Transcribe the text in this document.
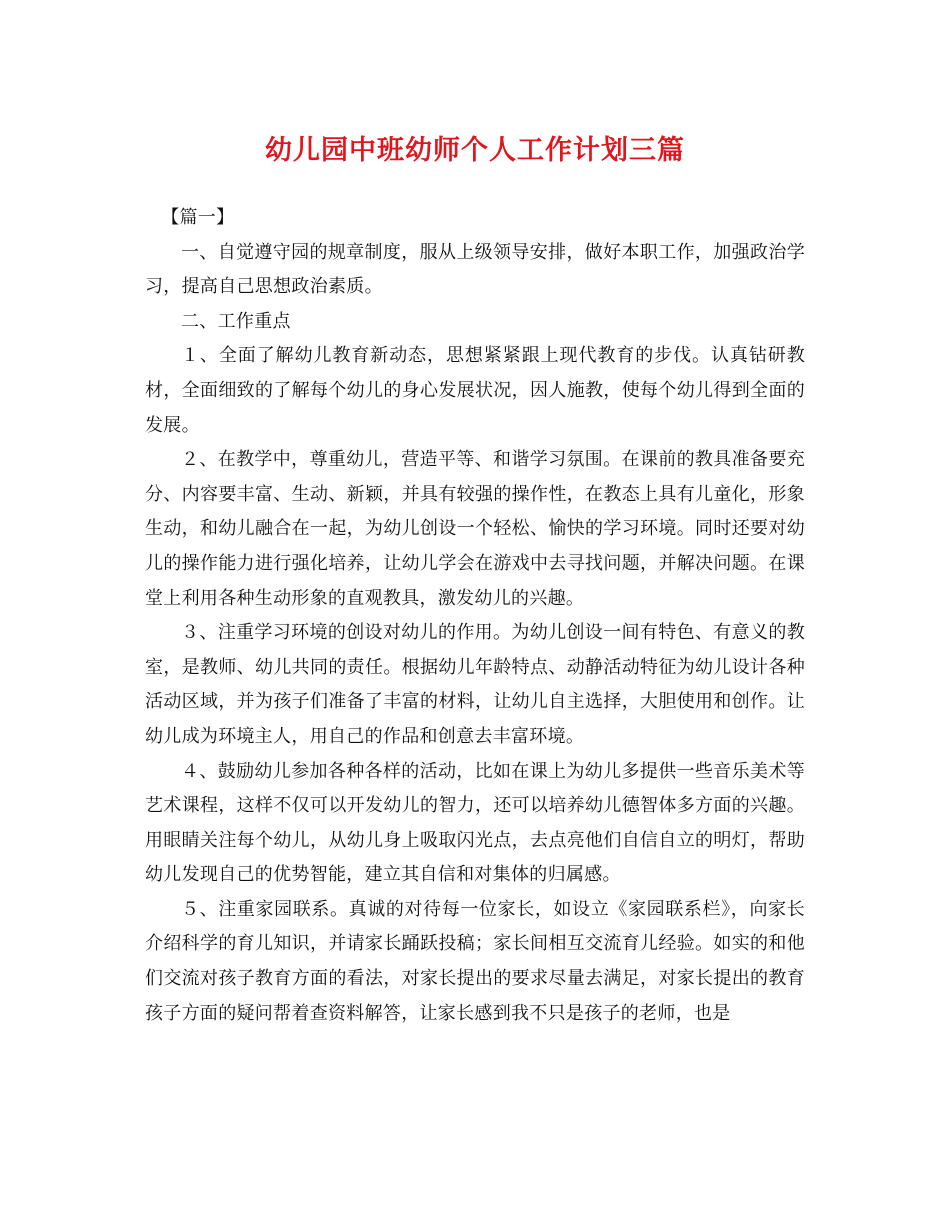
幼儿园中班幼师个人工作计划三篇

【篇一】

一、自觉遵守园的规章制度，服从上级领导安排，做好本职工作，加强政治学习，提高自己思想政治素质。

二、工作重点

１、全面了解幼儿教育新动态，思想紧紧跟上现代教育的步伐。认真钻研教材，全面细致的了解每个幼儿的身心发展状况，因人施教，使每个幼儿得到全面的发展。

２、在教学中，尊重幼儿，营造平等、和谐学习氛围。在课前的教具准备要充分、内容要丰富、生动、新颖，并具有较强的操作性，在教态上具有儿童化，形象生动，和幼儿融合在一起，为幼儿创设一个轻松、愉快的学习环境。同时还要对幼儿的操作能力进行强化培养，让幼儿学会在游戏中去寻找问题，并解决问题。在课堂上利用各种生动形象的直观教具，激发幼儿的兴趣。

３、注重学习环境的创设对幼儿的作用。为幼儿创设一间有特色、有意义的教室，是教师、幼儿共同的责任。根据幼儿年龄特点、动静活动特征为幼儿设计各种活动区域，并为孩子们准备了丰富的材料，让幼儿自主选择，大胆使用和创作。让幼儿成为环境主人，用自己的作品和创意去丰富环境。

４、鼓励幼儿参加各种各样的活动，比如在课上为幼儿多提供一些音乐美术等艺术课程，这样不仅可以开发幼儿的智力，还可以培养幼儿德智体多方面的兴趣。用眼睛关注每个幼儿，从幼儿身上吸取闪光点，去点亮他们自信自立的明灯，帮助幼儿发现自己的优势智能，建立其自信和对集体的归属感。

５、注重家园联系。真诚的对待每一位家长，如设立《家园联系栏》，向家长介绍科学的育儿知识，并请家长踊跃投稿；家长间相互交流育儿经验。如实的和他们交流对孩子教育方面的看法，对家长提出的要求尽量去满足，对家长提出的教育孩子方面的疑问帮着查资料解答，让家长感到我不只是孩子的老师，也是
